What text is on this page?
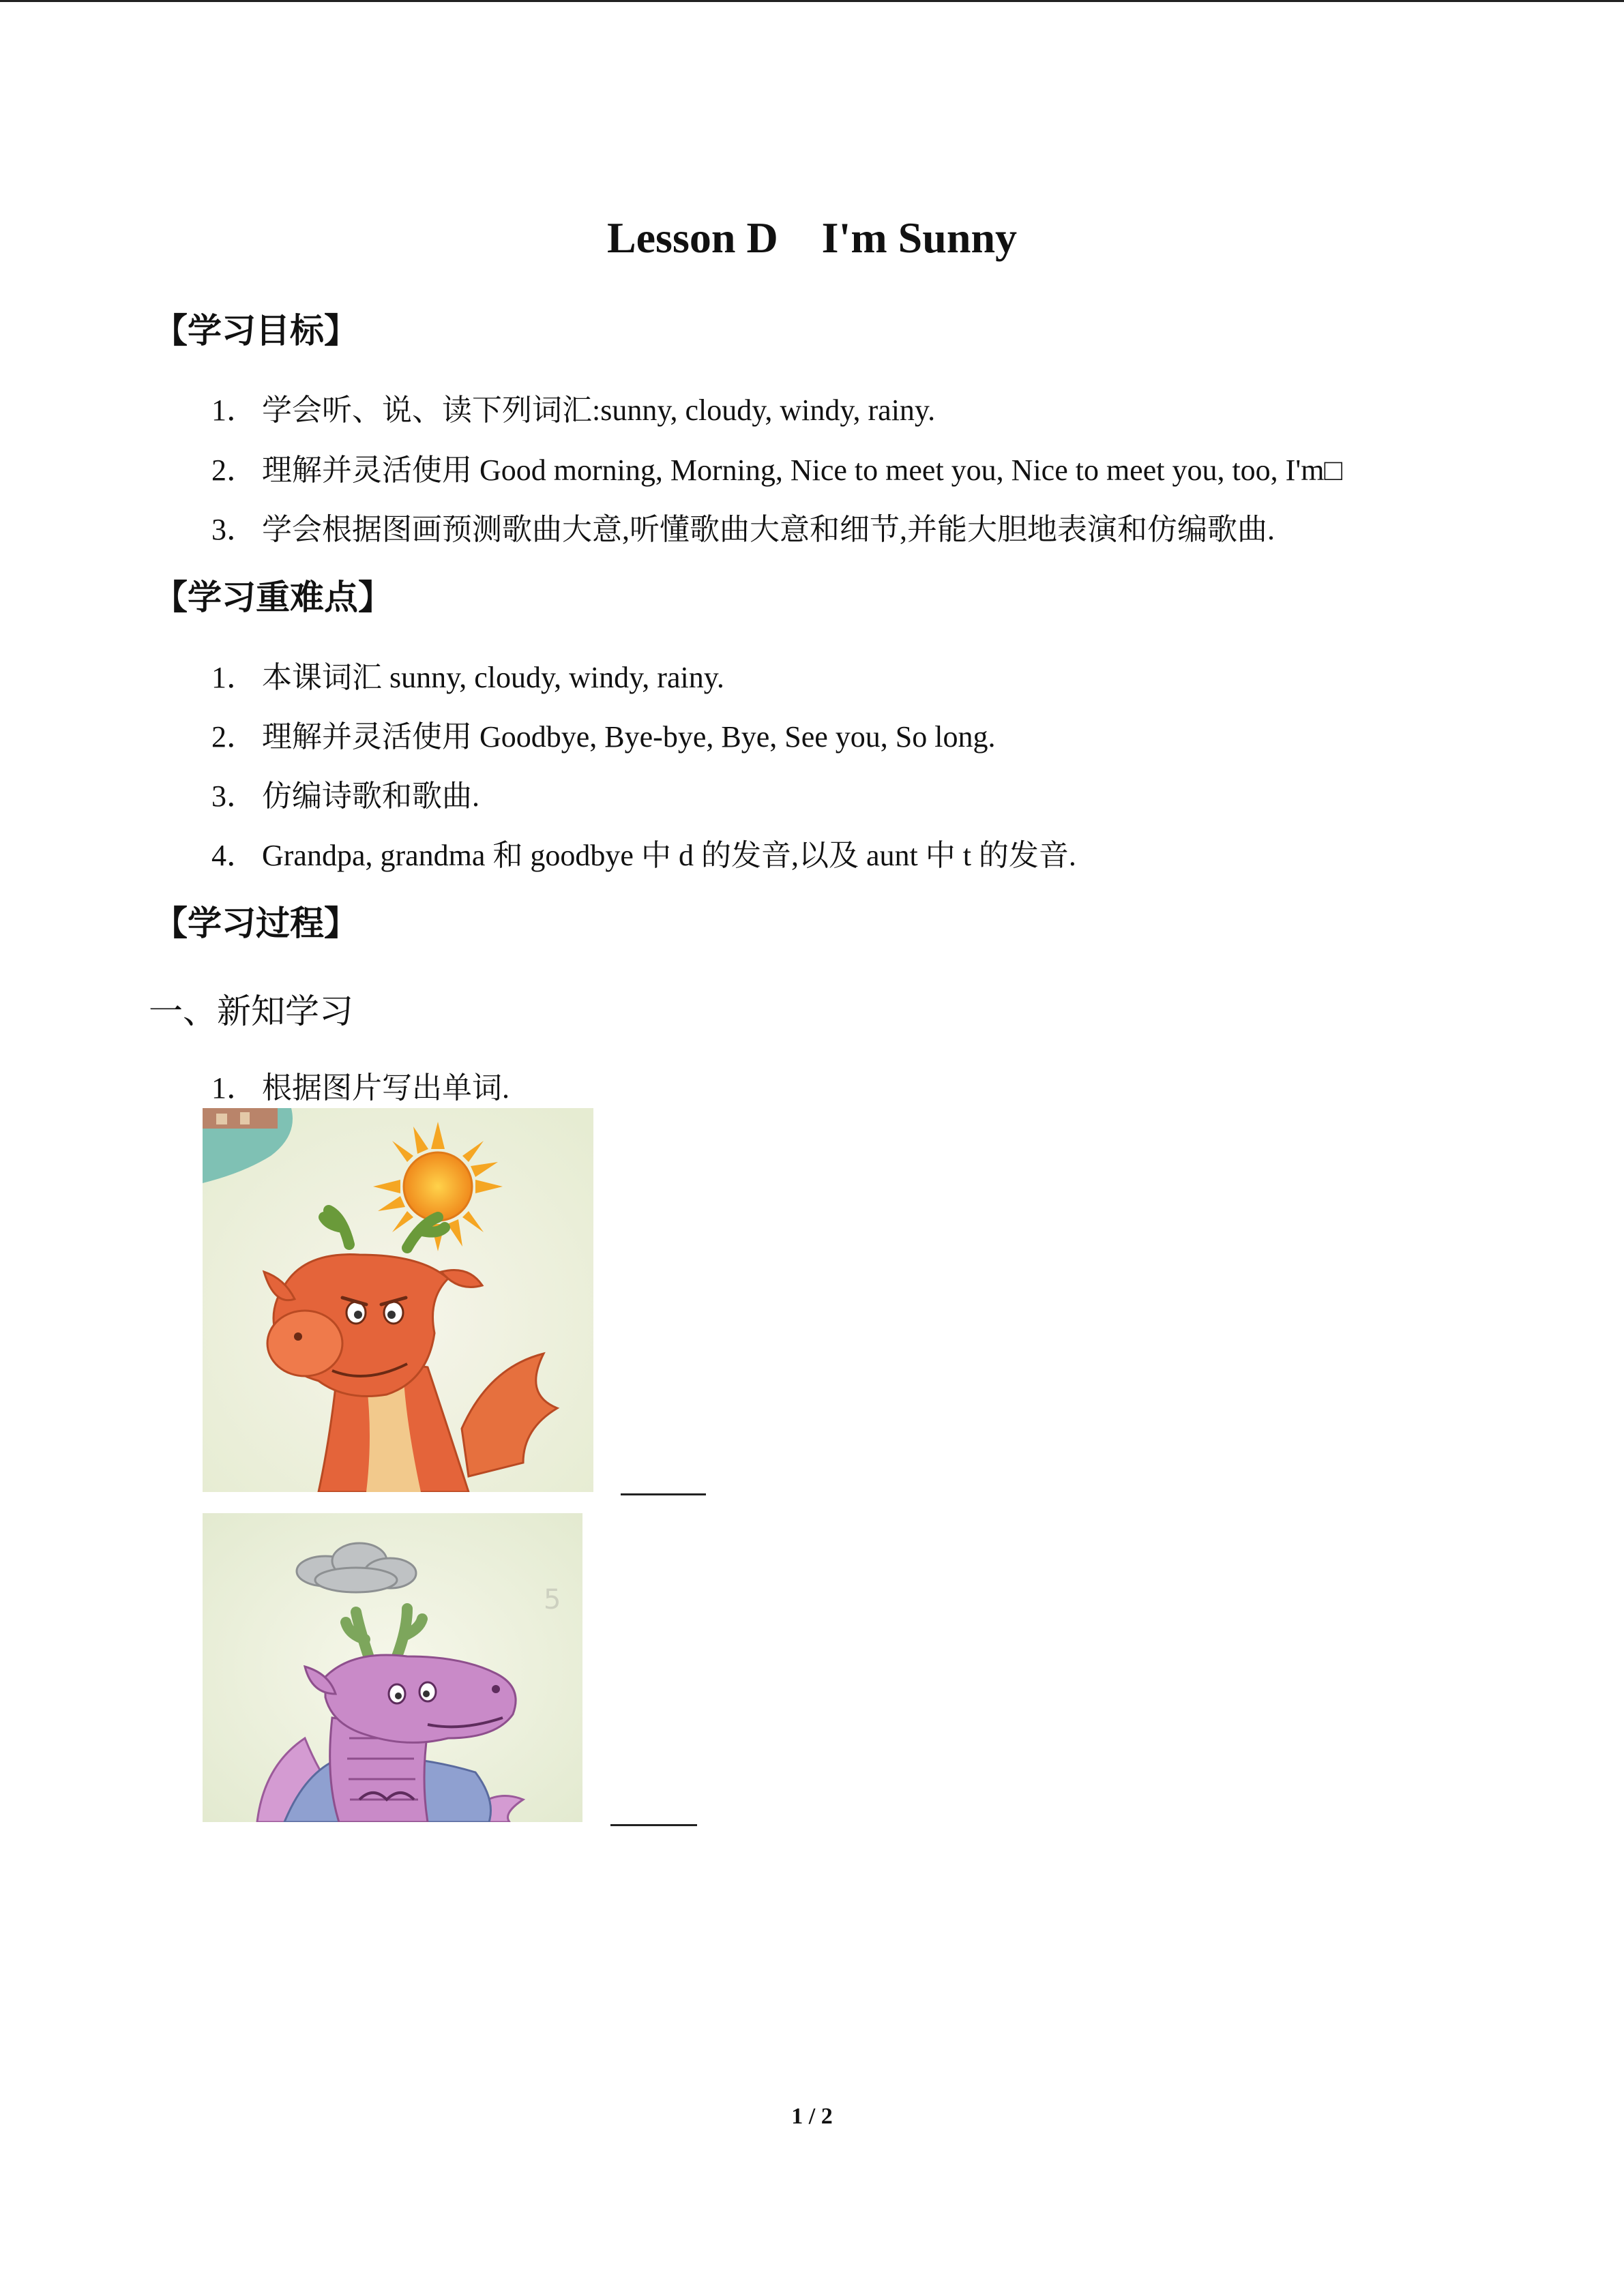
Lesson D    I'm Sunny
【学习目标】
1． 学会听、说、读下列词汇:sunny, cloudy, windy, rainy.
2． 理解并灵活使用 Good morning, Morning, Nice to meet you, Nice to meet you, too, I'm□
3． 学会根据图画预测歌曲大意,听懂歌曲大意和细节,并能大胆地表演和仿编歌曲.
【学习重难点】
1． 本课词汇 sunny, cloudy, windy, rainy.
2． 理解并灵活使用 Goodbye, Bye-bye, Bye, See you, So long.
3． 仿编诗歌和歌曲.
4． Grandpa, grandma 和 goodbye 中 d 的发音,以及 aunt 中 t 的发音.
【学习过程】
一、新知学习
1． 根据图片写出单词.
5
1 / 2
